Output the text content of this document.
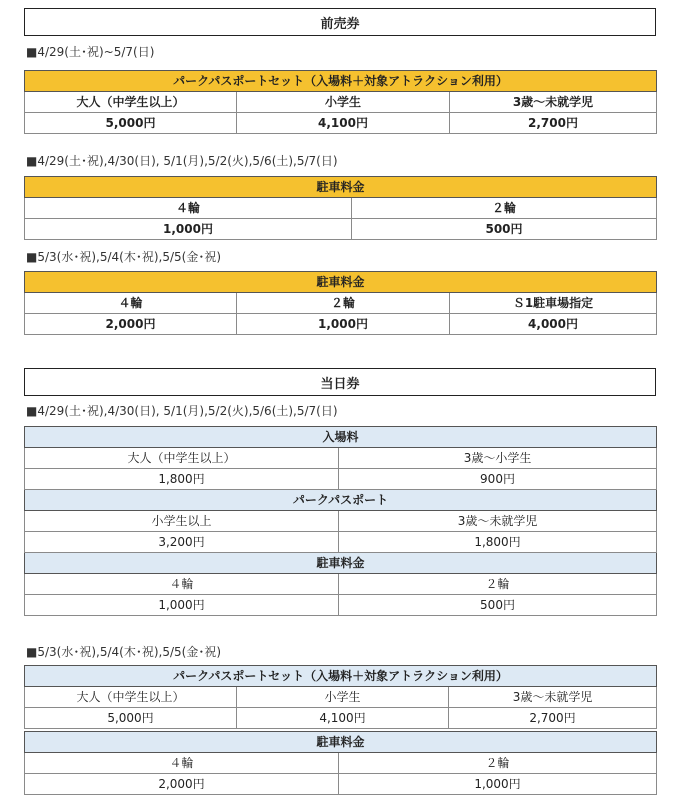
前売券
■4/29(土･祝)~5/7(日)
パークパスポートセット（入場料＋対象アトラクション利用）		
大人（中学生以上）	小学生	3歳～未就学児
5,000円	4,100円	2,700円
■4/29(土･祝),4/30(日), 5/1(月),5/2(火),5/6(土),5/7(日)
駐車料金	
４輪	２輪
1,000円	500円
■5/3(水･祝),5/4(木･祝),5/5(金･祝)
駐車料金		
４輪	２輪	Ｓ1駐車場指定
2,000円	1,000円	4,000円
当日券
■4/29(土･祝),4/30(日), 5/1(月),5/2(火),5/6(土),5/7(日)
入場料	
大人（中学生以上）	3歳～小学生
1,800円	900円
パークパスポート	
小学生以上	3歳～未就学児
3,200円	1,800円
駐車料金	
４輪	２輪
1,000円	500円
■5/3(水･祝),5/4(木･祝),5/5(金･祝)
パークパスポートセット（入場料＋対象アトラクション利用）		
大人（中学生以上）	小学生	3歳～未就学児
5,000円	4,100円	2,700円
駐車料金	
４輪	２輪
2,000円	1,000円
